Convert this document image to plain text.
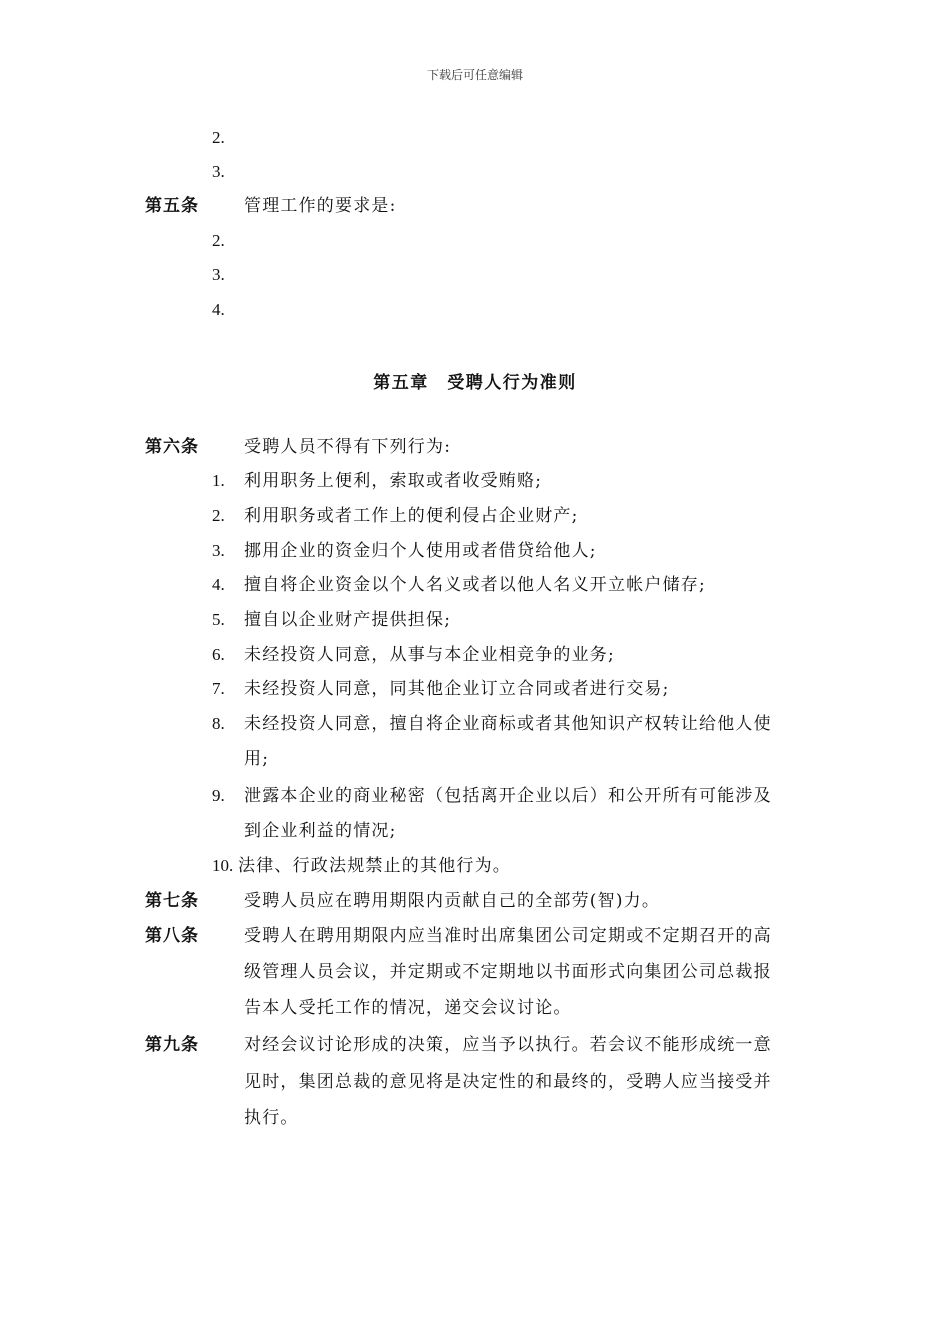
下载后可任意编辑
2.
3.
第五条	管理工作的要求是:
2.
3.
4.
第五章　受聘人行为准则
第六条	受聘人员不得有下列行为:
1. 利用职务上便利，索取或者收受贿赂;
2. 利用职务或者工作上的便利侵占企业财产;
3. 挪用企业的资金归个人使用或者借贷给他人;
4. 擅自将企业资金以个人名义或者以他人名义开立帐户储存;
5. 擅自以企业财产提供担保;
6. 未经投资人同意，从事与本企业相竞争的业务;
7. 未经投资人同意，同其他企业订立合同或者进行交易;
8. 未经投资人同意，擅自将企业商标或者其他知识产权转让给他人使
用;
9. 泄露本企业的商业秘密（包括离开企业以后）和公开所有可能涉及
到企业利益的情况;
10. 法律、行政法规禁止的其他行为。
第七条	受聘人员应在聘用期限内贡献自己的全部劳(智)力。
第八条	受聘人在聘用期限内应当准时出席集团公司定期或不定期召开的高
级管理人员会议，并定期或不定期地以书面形式向集团公司总裁报
告本人受托工作的情况，递交会议讨论。
第九条	对经会议讨论形成的决策，应当予以执行。若会议不能形成统一意
见时，集团总裁的意见将是决定性的和最终的，受聘人应当接受并
执行。
